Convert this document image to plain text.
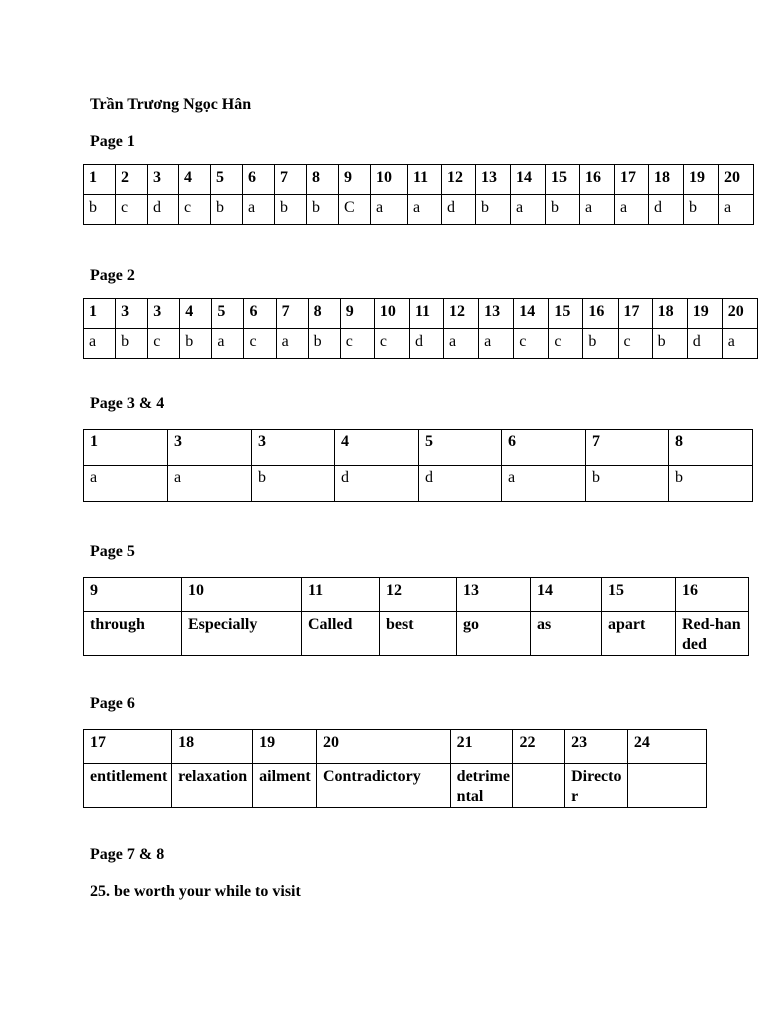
Trần Trương Ngọc Hân
Page 1
1	2	3	4	5	6	7	8	9	10	11	12	13	14	15	16	17	18	19	20
b	c	d	c	b	a	b	b	C	a	a	d	b	a	b	a	a	d	b	a
Page 2
1	3	3	4	5	6	7	8	9	10	11	12	13	14	15	16	17	18	19	20
a	b	c	b	a	c	a	b	c	c	d	a	a	c	c	b	c	b	d	a
Page 3 & 4
1	3	3	4	5	6	7	8
a	a	b	d	d	a	b	b
Page 5
9	10	11	12	13	14	15	16
through	Especially	Called	best	go	as	apart	Red-handed
Page 6
17	18	19	20	21	22	23	24
entitlement	relaxation	ailment	Contradictory	detrimental		Director	
Page 7 & 8
25. be worth your while to visit
